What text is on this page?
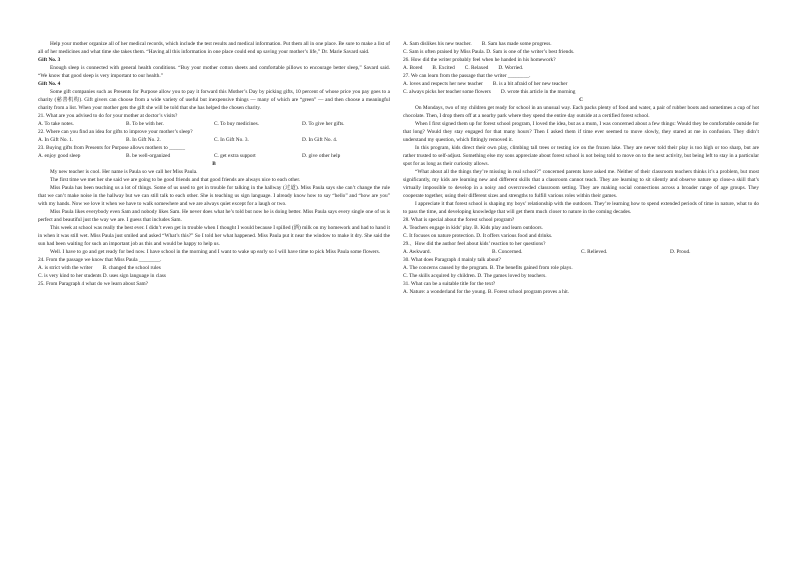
Help your mother organize all of her medical records, which include the test results and medical information. Put them all in one place. Be sure to make a list of all of her medicines and what time she takes them. “Having all this information in one place could end up saving your mother’s life,” Dr. Marie Savard said.

Gift No. 3

Enough sleep is connected with general health conditions. “Buy your mother cotton sheets and comfortable pillows to encourage better sleep,” Savard said. “We know that good sleep is very important to our health.”

Gift No. 4

Some gift companies such as Presents for Purpose allow you to pay it forward this Mother’s Day by picking gifts, 10 percent of whose price you pay goes to a charity (慈善机构). Gift givers can choose from a wide variety of useful but inexpensive things — many of which are “green” — and then choose a meaningful charity from a list. When your mother gets the gift she will be told that she has helped the chosen charity.

21. What are you advised to do for your mother at doctor’s visits?

A. To take notes.	B. To be with her.	C. To buy medicines.	D. To give her gifts.

22. Where can you find an idea for gifts to improve your mother’s sleep?

A. In Gift No. 1.	B. In Gift No. 2.	C. In Gift No. 3.	D. In Gift No. 4.

23. Buying gifts from Presents for Purpose allows mothers to ______

A. enjoy good sleep	B. be well-organized	C. get extra support	D. give other help

B

My new teacher is cool. Her name is Paula so we call her Miss Paula.

The first time we met her she said we are going to be good friends and that good friends are always nice to each other.

Miss Paula has been teaching us a lot of things. Some of us used to get in trouble for talking in the hallway (过道). Miss Paula says she can’t change the rule that we can’t make noise in the hallway but we can still talk to each other. She is teaching us sign language. I already know how to say “hello” and “how are you” with my hands. Now we love it when we have to walk somewhere and we are always quiet except for a laugh or two.

Miss Paula likes everybody even Sam and nobody likes Sam. He never does what he’s told but now he is doing better. Miss Paula says every single one of us is perfect and beautiful just the way we are. I guess that includes Sam.

This week at school was really the best ever. I didn’t even get in trouble when I thought I would because I spilled (洒) milk on my homework and had to hand it in when it was still wet. Miss Paula just smiled and asked “What’s this?” So I told her what happened. Miss Paula put it near the window to make it dry. She said the sun had been waiting for such an important job as this and would be happy to help us.

Well. I have to go and get ready for bed now. I have school in the morning and I want to wake up early so I will have time to pick Miss Paula some flowers.

24. From the passage we know that Miss Paula ________.

A. is strict with the writer B. changed the school rules

C. is very kind to her students D. uses sign language in class

25. From Paragraph 4 what do we learn about Sam?

A. Sam dislikes his new teacher. B. Sam has made some progress.

C. Sam is often praised by Miss Paula. D. Sam is one of the writer’s best friends.

26. How did the writer probably feel when he handed in his homework?

A. Bored B. Excited C. Relaxed D. Worried.

27. We can learn from the passage that the writer ________.

A. loves and respects her new teacher B. is a bit afraid of her new teacher
C. always picks her teacher some flowers D. wrote this article in the morning

C

On Mondays, two of my children get ready for school in an unusual way. Each packs plenty of food and water, a pair of rubber boots and sometimes a cup of hot chocolate. Then, I drop them off at a nearby park where they spend the entire day outside at a certified forest school.

When I first signed them up for forest school program, I loved the idea, but as a mum, I was concerned about a few things: Would they be comfortable outside for that long? Would they stay engaged for that many hours? Then I asked them if time ever seemed to move slowly, they stared at me in confusion. They didn’t understand my question, which fittingly removed it.

In this program, kids direct their own play, climbing tall trees or testing ice on the frozen lake. They are never told their play is too high or too sharp, but are rather trusted to self-adjust. Something else my sons appreciate about forest school is not being told to move on to the next activity, but being left to stay in a particular spot for as long as their curiosity allows.

“What about all the things they’re missing in real school?” concerned parents have asked me. Neither of their classroom teachers thinks it’s a problem, but most significantly, my kids are learning new and different skills that a classroom cannot teach. They are learning to sit silently and observe nature up close-a skill that’s virtually impossible to develop in a noisy and overcrowded classroom setting. They are making social connections across a broader range of age groups. They cooperate together, using their different sizes and strengths to fulfill various roles within their games.

I appreciate it that forest school is shaping my boys’ relationship with the outdoors. They’re learning how to spend extended periods of time in nature, what to do to pass the time, and developing knowledge that will get them much closer to nature in the coming decades.

28. What is special about the forest school program?

A. Teachers engage in kids’ play. B. Kids play and learn outdoors.

C. It focuses on nature protection. D. It offers various food and drinks.

29.、How did the author feel about kids’ reaction to her questions?

A. Awkward.	B. Concerned.	C. Relieved.	D. Proud.

30. What does Paragraph 4 mainly talk about?

A. The concerns caused by the program. B. The benefits gained from role plays.

C. The skills acquired by children. D. The games loved by teachers.

31. What can be a suitable title for the text?

A. Nature: a wonderland for the young. B. Forest school program proves a hit.
